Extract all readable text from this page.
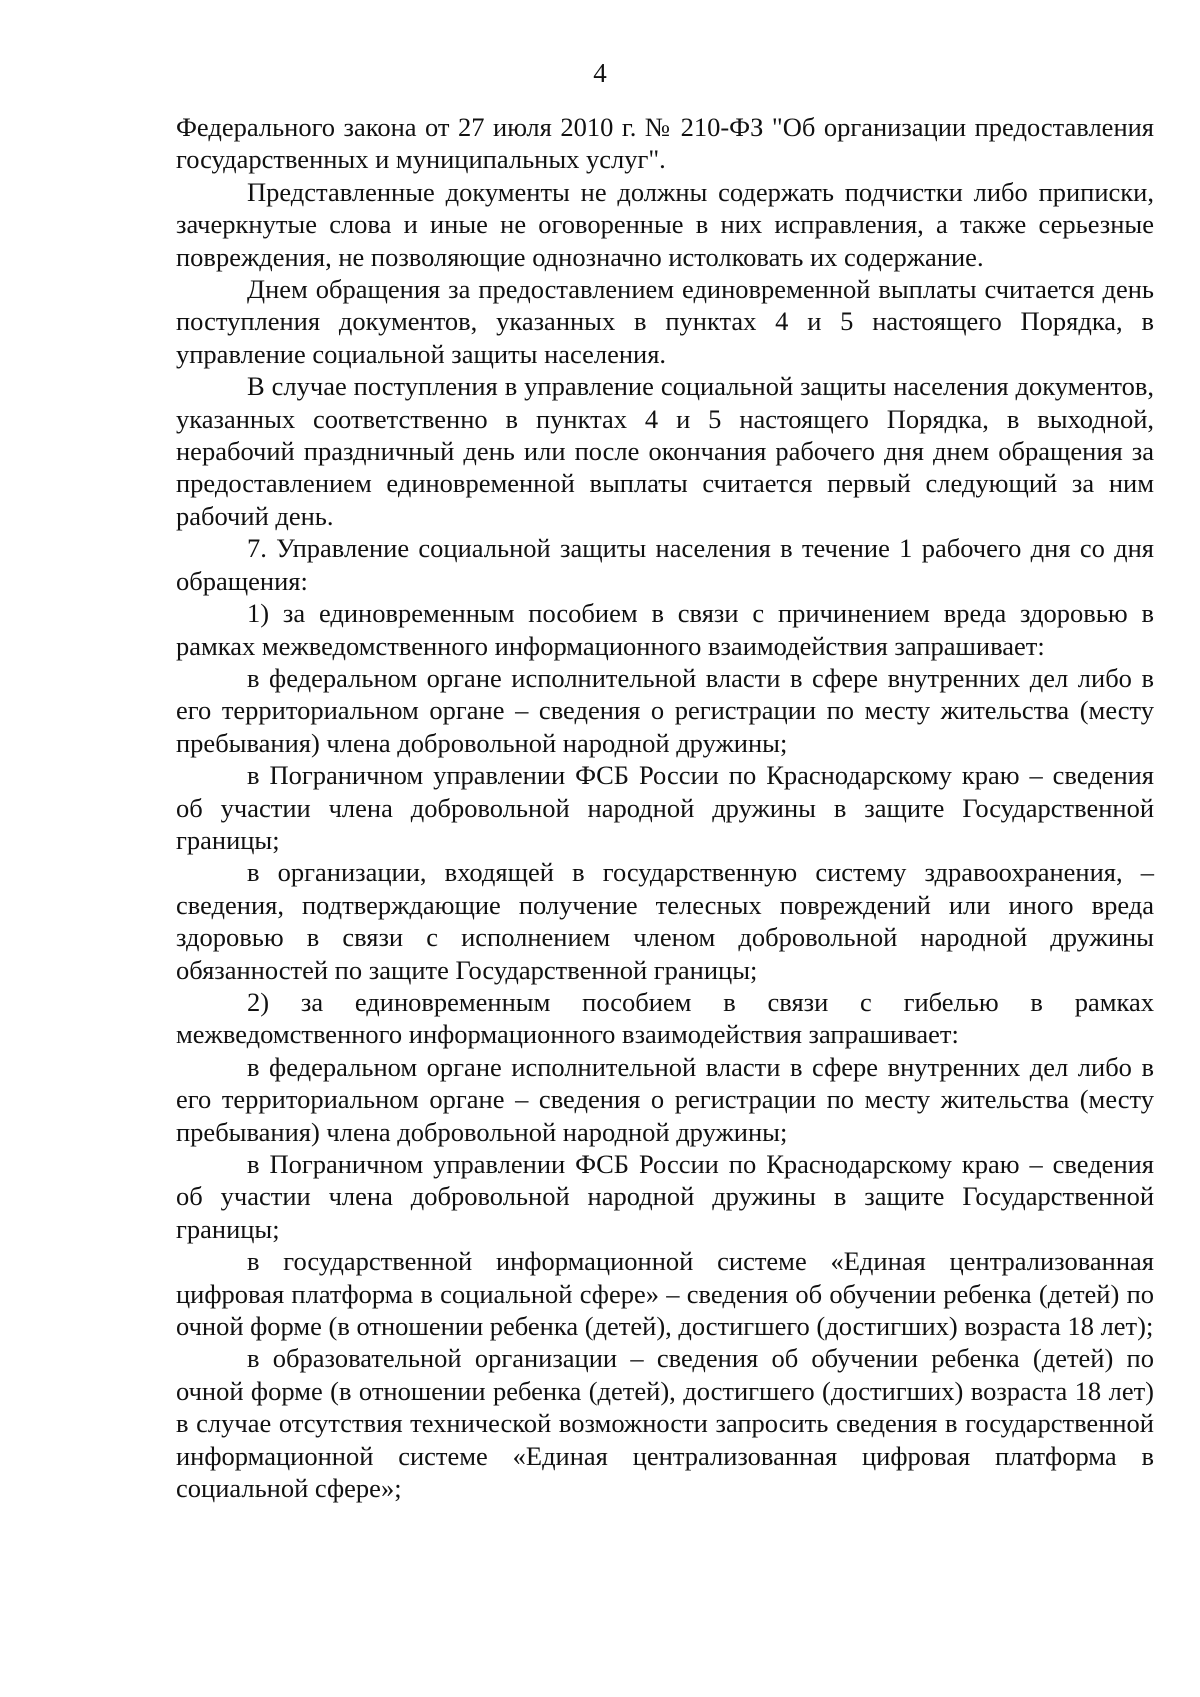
4

Федерального закона от 27 июля 2010 г. № 210-ФЗ "Об организации предоставления государственных и муниципальных услуг".

Представленные документы не должны содержать подчистки либо приписки, зачеркнутые слова и иные не оговоренные в них исправления, а также серьезные повреждения, не позволяющие однозначно истолковать их содержание.

Днем обращения за предоставлением единовременной выплаты считается день поступления документов, указанных в пунктах 4 и 5 настоящего Порядка, в управление социальной защиты населения.

В случае поступления в управление социальной защиты населения документов, указанных соответственно в пунктах 4 и 5 настоящего Порядка, в выходной, нерабочий праздничный день или после окончания рабочего дня днем обращения за предоставлением единовременной выплаты считается первый следующий за ним рабочий день.

7. Управление социальной защиты населения в течение 1 рабочего дня со дня обращения:

1) за единовременным пособием в связи с причинением вреда здоровью в рамках межведомственного информационного взаимодействия запрашивает:

в федеральном органе исполнительной власти в сфере внутренних дел либо в его территориальном органе – сведения о регистрации по месту жительства (месту пребывания) члена добровольной народной дружины;

в Пограничном управлении ФСБ России по Краснодарскому краю – сведения об участии члена добровольной народной дружины в защите Государственной границы;

в организации, входящей в государственную систему здравоохранения, – сведения, подтверждающие получение телесных повреждений или иного вреда здоровью в связи с исполнением членом добровольной народной дружины обязанностей по защите Государственной границы;

2) за единовременным пособием в связи с гибелью в рамках межведомственного информационного взаимодействия запрашивает:

в федеральном органе исполнительной власти в сфере внутренних дел либо в его территориальном органе – сведения о регистрации по месту жительства (месту пребывания) члена добровольной народной дружины;

в Пограничном управлении ФСБ России по Краснодарскому краю – сведения об участии члена добровольной народной дружины в защите Государственной границы;

в государственной информационной системе «Единая централизованная цифровая платформа в социальной сфере» – сведения об обучении ребенка (детей) по очной форме (в отношении ребенка (детей), достигшего (достигших) возраста 18 лет);

в образовательной организации – сведения об обучении ребенка (детей) по очной форме (в отношении ребенка (детей), достигшего (достигших) возраста 18 лет) в случае отсутствия технической возможности запросить сведения в государственной информационной системе «Единая централизованная цифровая платформа в социальной сфере»;
